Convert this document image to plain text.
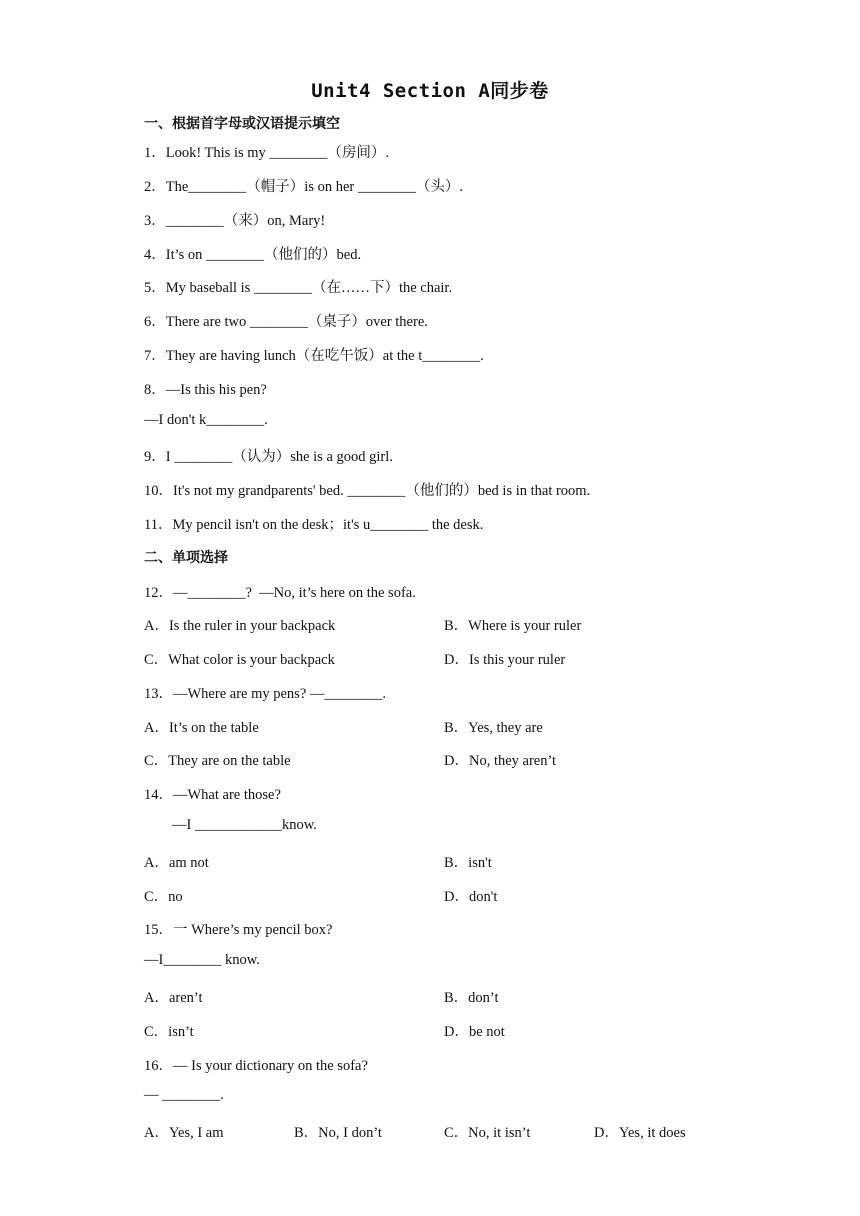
Unit4 Section A同步卷
一、根据首字母或汉语提示填空
1．Look! This is my ________（房间）.
2．The________（帽子）is on her ________（头）.
3．________（来）on, Mary!
4．It’s on ________（他们的）bed.
5．My baseball is ________（在……下）the chair.
6．There are two ________（桌子）over there.
7．They are having lunch（在吃午饭）at the t________.
8．—Is this his pen?
—I don't k________.
9．I ________（认为）she is a good girl.
10．It's not my grandparents' bed. ________（他们的）bed is in that room.
11．My pencil isn't on the desk；it's u________ the desk.
二、单项选择
12．—________?  —No, it’s here on the sofa.
A．Is the ruler in your backpack	B．Where is your ruler
C．What color is your backpack	D．Is this your ruler
13．—Where are my pens? —________.
A．It’s on the table	B．Yes, they are
C．They are on the table	D．No, they aren’t
14．—What are those?
—I ____________know.
A．am not	B．isn't
C．no	D．don't
15．一 Where’s my pencil box?
—I________ know.
A．aren’t	B．don’t
C．isn’t	D．be not
16．— Is your dictionary on the sofa?
— ________.
A．Yes, I am	B．No, I don’t	C．No, it isn’t	D．Yes, it does
